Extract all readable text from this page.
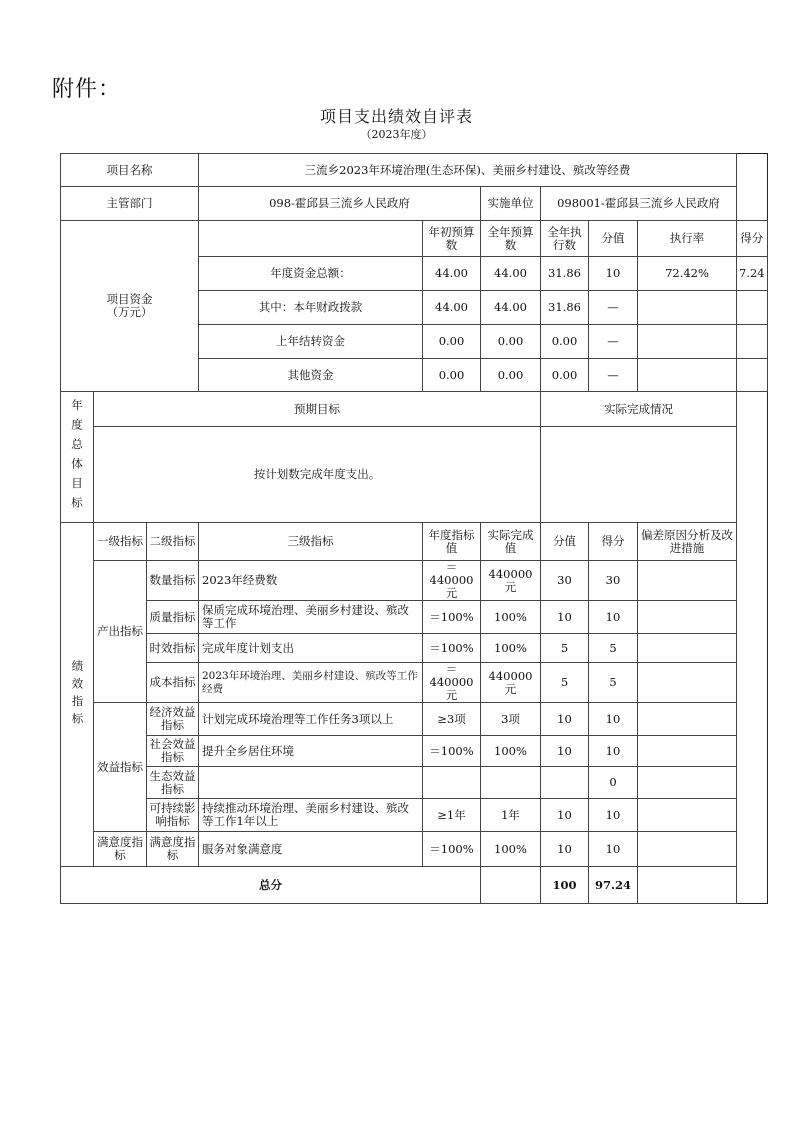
附件：
项目支出绩效自评表
（2023年度）
项目名称			三流乡2023年环境治理(生态环保)、美丽乡村建设、殡改等经费						
主管部门			098-霍邱县三流乡人民政府		实施单位	098001-霍邱县三流乡人民政府			

项目资金
（万元）				年初预算数	全年预算数	全年执行数	分值	执行率	得分
			年度资金总额：	44.00	44.00	31.86	10	72.42%	7.24
			其中：本年财政拨款	44.00	44.00	31.86	—		
			上年结转资金	0.00	0.00	0.00	—		
			其他资金	0.00	0.00	0.00	—		

年度总体目标	预期目标					实际完成情况			
	按计划数完成年度支出。								

绩效指标	一级指标	二级指标	三级指标	年度指标值	实际完成值	分值	得分	偏差原因分析及改进措施	
	产出指标	数量指标	2023年经费数	＝440000元	440000元	30	30		
		质量指标	保质完成环境治理、美丽乡村建设、殡改等工作	＝100%	100%	10	10		
		时效指标	完成年度计划支出	＝100%	100%	5	5		
		成本指标	2023年环境治理、美丽乡村建设、殡改等工作经费	＝440000元	440000元	5	5		
	效益指标	经济效益指标	计划完成环境治理等工作任务3项以上	≥3项	3项	10	10		
		社会效益指标	提升全乡居住环境	＝100%	100%	10	10		
		生态效益指标					0		
		可持续影响指标	持续推动环境治理、美丽乡村建设、殡改等工作1年以上	≥1年	1年	10	10		
	满意度指标	满意度指标	服务对象满意度	＝100%	100%	10	10		
总分						100	97.24		
